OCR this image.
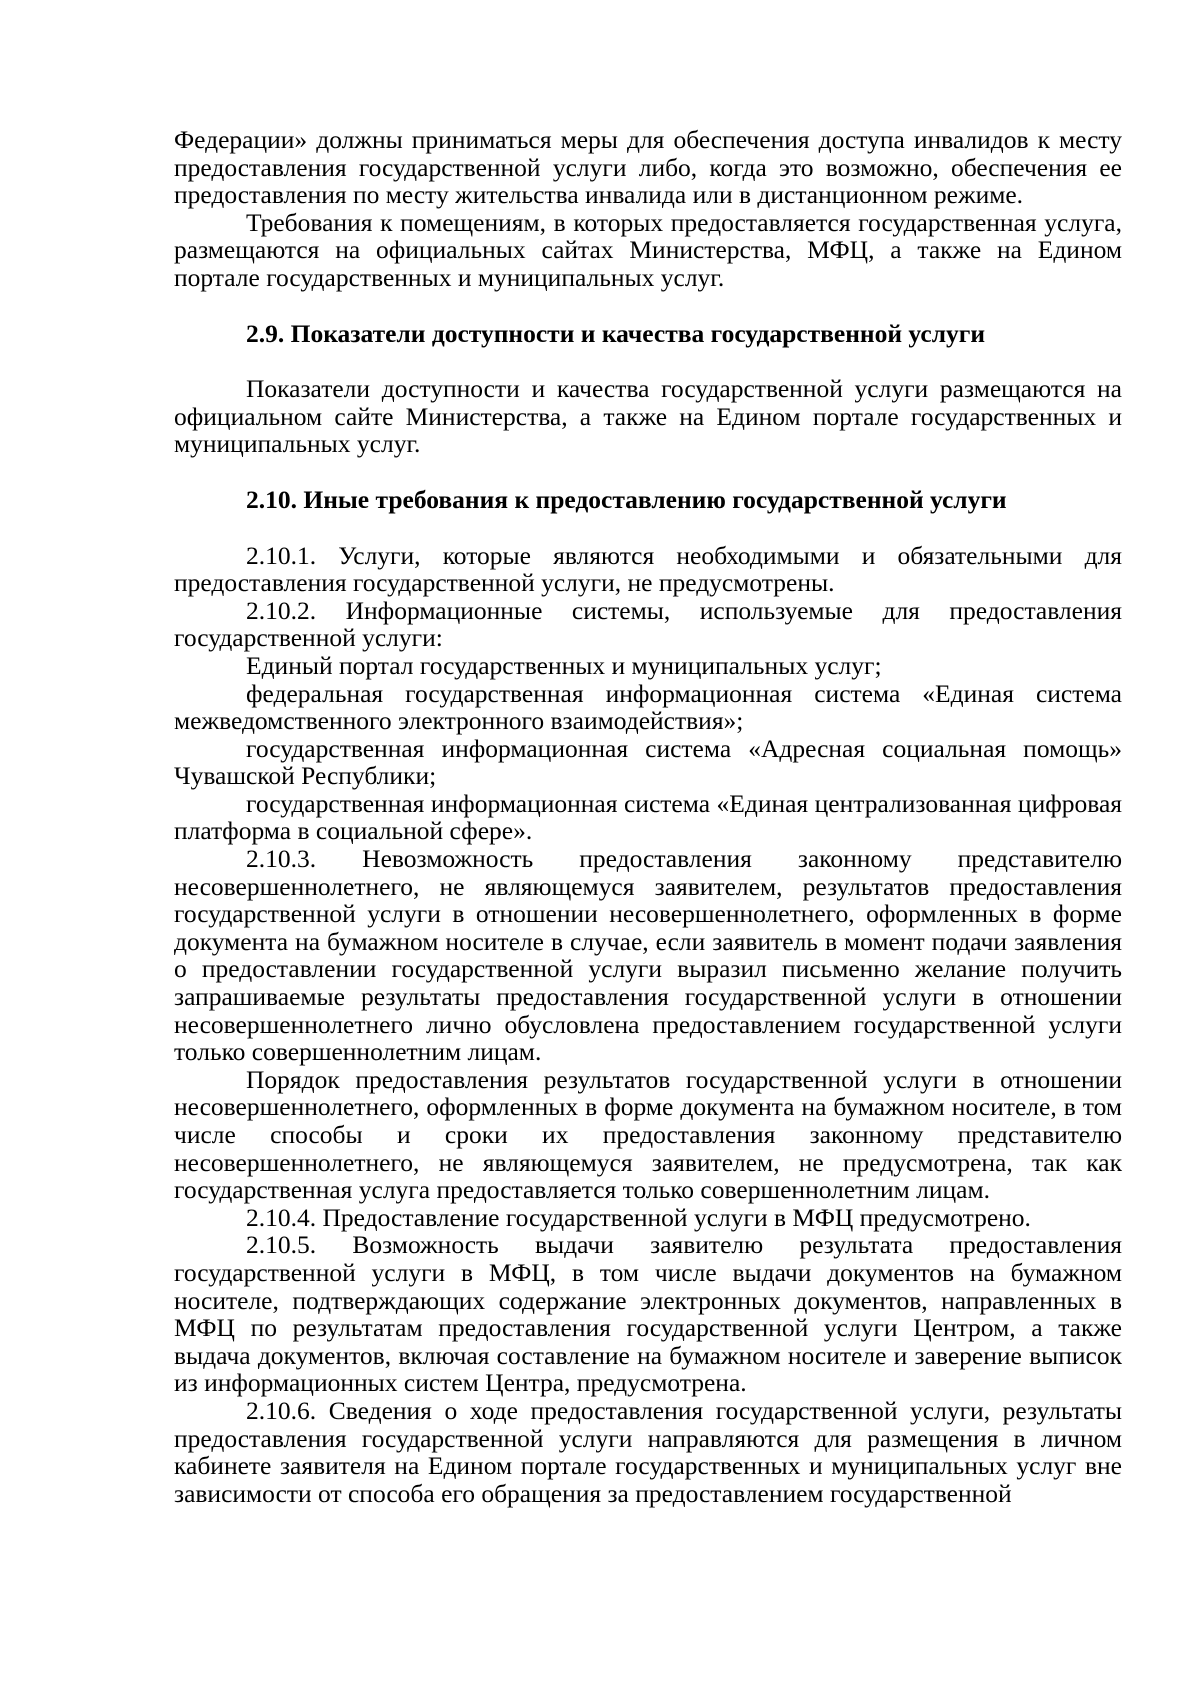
Федерации» должны приниматься меры для обеспечения доступа инвалидов к месту предоставления государственной услуги либо, когда это возможно, обеспечения ее предоставления по месту жительства инвалида или в дистанционном режиме.

Требования к помещениям, в которых предоставляется государственная услуга, размещаются на официальных сайтах Министерства, МФЦ, а также на Едином портале государственных и муниципальных услуг.

2.9. Показатели доступности и качества государственной услуги

Показатели доступности и качества государственной услуги размещаются на официальном сайте Министерства, а также на Едином портале государственных и муниципальных услуг.

2.10. Иные требования к предоставлению государственной услуги

2.10.1. Услуги, которые являются необходимыми и обязательными для предоставления государственной услуги, не предусмотрены.

2.10.2. Информационные системы, используемые для предоставления государственной услуги:

Единый портал государственных и муниципальных услуг;

федеральная государственная информационная система «Единая система межведомственного электронного взаимодействия»;

государственная информационная система «Адресная социальная помощь» Чувашской Республики;

государственная информационная система «Единая централизованная цифровая платформа в социальной сфере».

2.10.3. Невозможность предоставления законному представителю несовершеннолетнего, не являющемуся заявителем, результатов предоставления государственной услуги в отношении несовершеннолетнего, оформленных в форме документа на бумажном носителе в случае, если заявитель в момент подачи заявления о предоставлении государственной услуги выразил письменно желание получить запрашиваемые результаты предоставления государственной услуги в отношении несовершеннолетнего лично обусловлена предоставлением государственной услуги только совершеннолетним лицам.

Порядок предоставления результатов государственной услуги в отношении несовершеннолетнего, оформленных в форме документа на бумажном носителе, в том числе способы и сроки их предоставления законному представителю несовершеннолетнего, не являющемуся заявителем, не предусмотрена, так как государственная услуга предоставляется только совершеннолетним лицам.

2.10.4. Предоставление государственной услуги в МФЦ предусмотрено.

2.10.5. Возможность выдачи заявителю результата предоставления государственной услуги в МФЦ, в том числе выдачи документов на бумажном носителе, подтверждающих содержание электронных документов, направленных в МФЦ по результатам предоставления государственной услуги Центром, а также выдача документов, включая составление на бумажном носителе и заверение выписок из информационных систем Центра, предусмотрена.

2.10.6. Сведения о ходе предоставления государственной услуги, результаты предоставления государственной услуги направляются для размещения в личном кабинете заявителя на Едином портале государственных и муниципальных услуг вне зависимости от способа его обращения за предоставлением государственной
